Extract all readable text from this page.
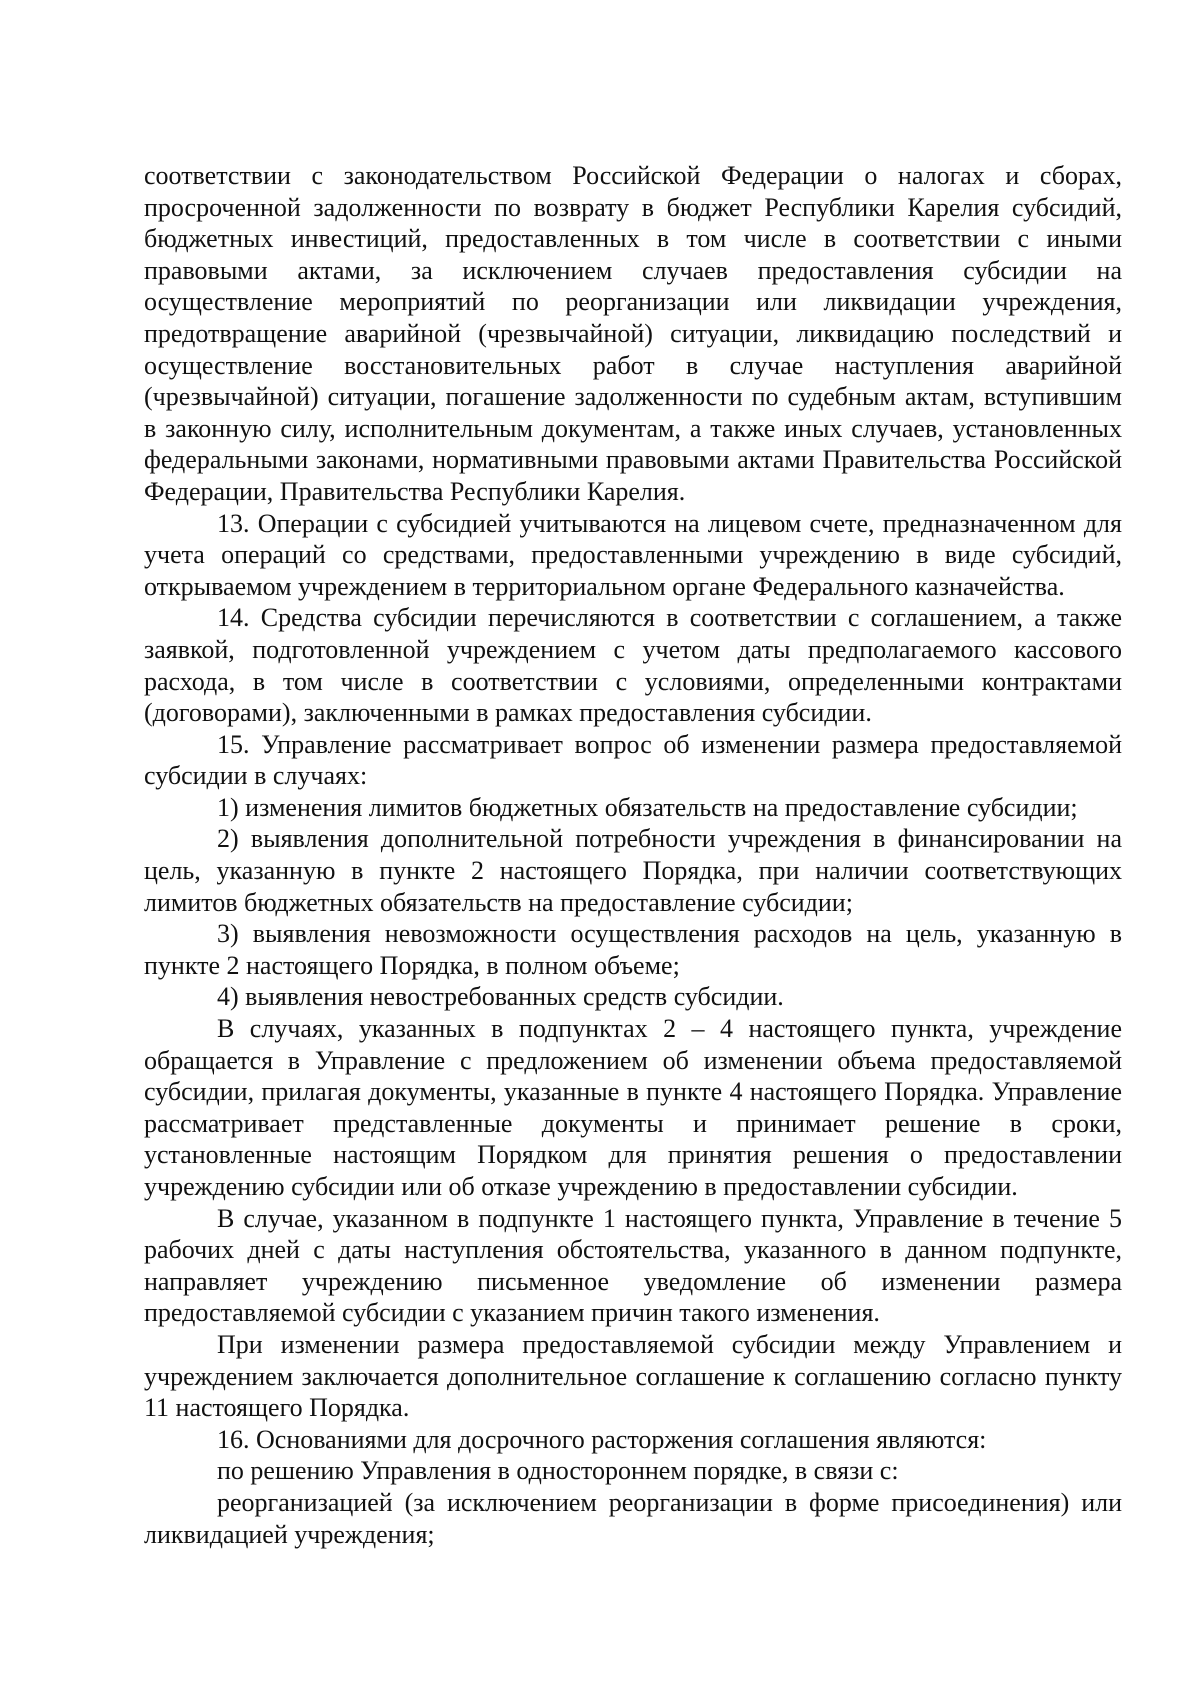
соответствии с законодательством Российской Федерации о налогах и сборах, просроченной задолженности по возврату в бюджет Республики Карелия субсидий, бюджетных инвестиций, предоставленных в том числе в соответствии с иными правовыми актами, за исключением случаев предоставления субсидии на осуществление мероприятий по реорганизации или ликвидации учреждения, предотвращение аварийной (чрезвычайной) ситуации, ликвидацию последствий и осуществление восстановительных работ в случае наступления аварийной (чрезвычайной) ситуации, погашение задолженности по судебным актам, вступившим в законную силу, исполнительным документам, а также иных случаев, установленных федеральными законами, нормативными правовыми актами Правительства Российской Федерации, Правительства Республики Карелия.

13. Операции с субсидией учитываются на лицевом счете, предназначенном для учета операций со средствами, предоставленными учреждению в виде субсидий, открываемом учреждением в территориальном органе Федерального казначейства.

14. Средства субсидии перечисляются в соответствии с соглашением, а также заявкой, подготовленной учреждением с учетом даты предполагаемого кассового расхода, в том числе в соответствии с условиями, определенными контрактами (договорами), заключенными в рамках предоставления субсидии.

15. Управление рассматривает вопрос об изменении размера предоставляемой субсидии в случаях:

1) изменения лимитов бюджетных обязательств на предоставление субсидии;

2) выявления дополнительной потребности учреждения в финансировании на цель, указанную в пункте 2 настоящего Порядка, при наличии соответствующих лимитов бюджетных обязательств на предоставление субсидии;

3) выявления невозможности осуществления расходов на цель, указанную в пункте 2 настоящего Порядка, в полном объеме;

4) выявления невостребованных средств субсидии.

В случаях, указанных в подпунктах 2 – 4 настоящего пункта, учреждение обращается в Управление с предложением об изменении объема предоставляемой субсидии, прилагая документы, указанные в пункте 4 настоящего Порядка. Управление рассматривает представленные документы и принимает решение в сроки, установленные настоящим Порядком для принятия решения о предоставлении учреждению субсидии или об отказе учреждению в предоставлении субсидии.

В случае, указанном в подпункте 1 настоящего пункта, Управление в течение 5 рабочих дней с даты наступления обстоятельства, указанного в данном подпункте, направляет учреждению письменное уведомление об изменении размера предоставляемой субсидии с указанием причин такого изменения.

При изменении размера предоставляемой субсидии между Управлением и учреждением заключается дополнительное соглашение к соглашению согласно пункту 11 настоящего Порядка.

16. Основаниями для досрочного расторжения соглашения являются:

по решению Управления в одностороннем порядке, в связи с:

реорганизацией (за исключением реорганизации в форме присоединения) или ликвидацией учреждения;
